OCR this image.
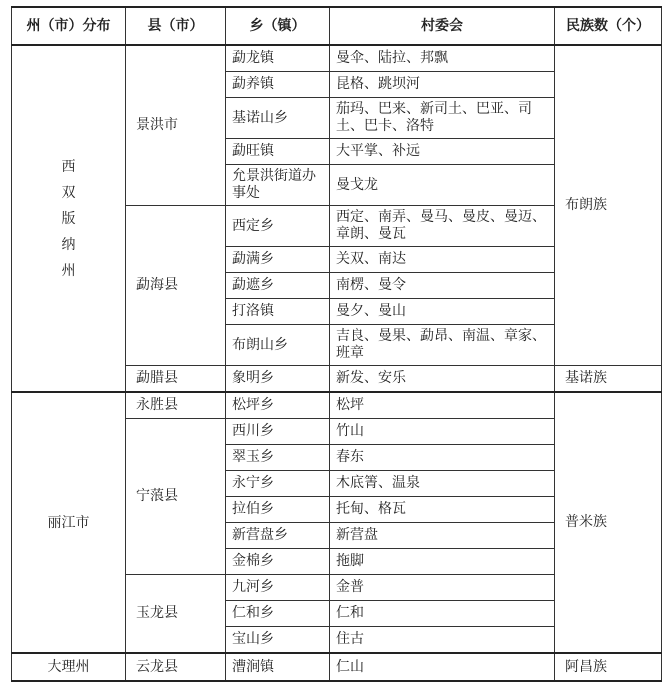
州（市）分布	县（市）	乡（镇）	村委会	民族数（个）
西双版纳州	景洪市	勐龙镇	曼伞、陆拉、邦飘	布朗族
		勐养镇	昆格、跳坝河	
		基诺山乡	茄玛、巴来、新司土、巴亚、司土、巴卡、洛特	
		勐旺镇	大平掌、补远	
		允景洪街道办事处	曼戈龙	
	勐海县	西定乡	西定、南弄、曼马、曼皮、曼迈、章朗、曼瓦	
		勐满乡	关双、南达	
		勐遮乡	南楞、曼令	
		打洛镇	曼夕、曼山	
		布朗山乡	吉良、曼果、勐昂、南温、章家、班章	
	勐腊县	象明乡	新发、安乐	基诺族
丽江市	永胜县	松坪乡	松坪	普米族
	宁蒗县	西川乡	竹山	
		翠玉乡	春东	
		永宁乡	木底箐、温泉	
		拉伯乡	托甸、格瓦	
		新营盘乡	新营盘	
		金棉乡	拖脚	
	玉龙县	九河乡	金普	
		仁和乡	仁和	
		宝山乡	住古	
大理州	云龙县	漕涧镇	仁山	阿昌族
